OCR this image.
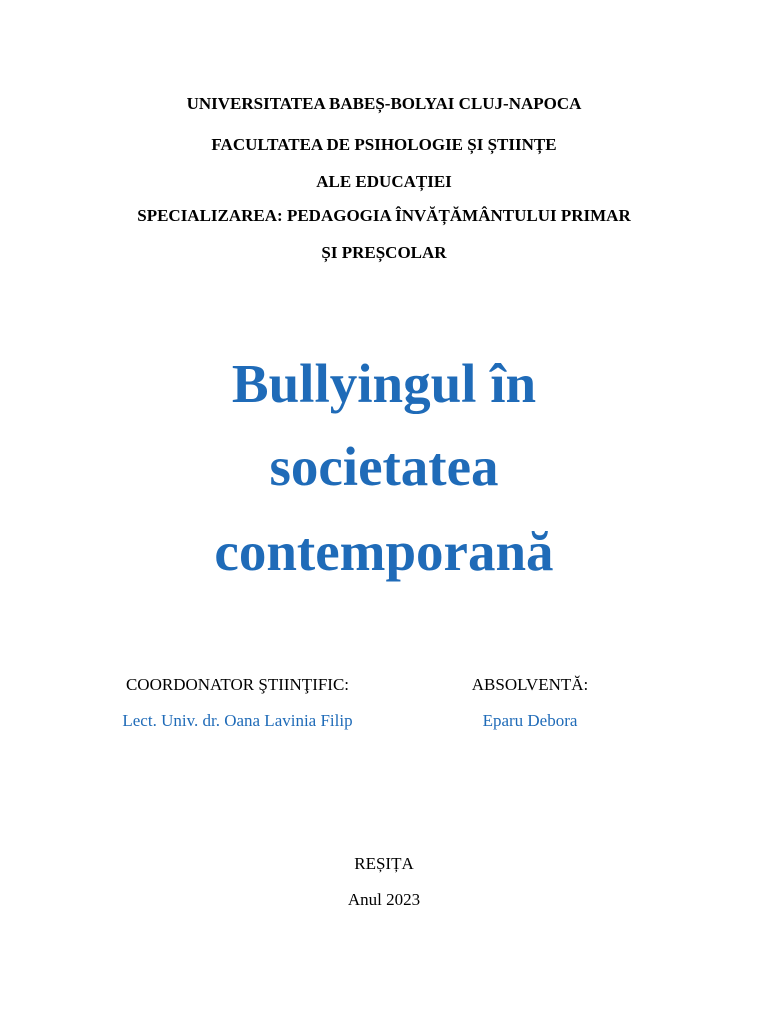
UNIVERSITATEA BABEȘ-BOLYAI CLUJ-NAPOCA
FACULTATEA DE PSIHOLOGIE ȘI ȘTIINȚE
ALE EDUCAȚIEI
SPECIALIZAREA: PEDAGOGIA ÎNVĂȚĂMÂNTULUI PRIMAR
ȘI PREȘCOLAR
Bullyingul în
societatea
contemporană
COORDONATOR ŞTIINŢIFIC:
Lect. Univ. dr. Oana Lavinia Filip
ABSOLVENTĂ:
Eparu Debora
REȘIȚA
Anul 2023
